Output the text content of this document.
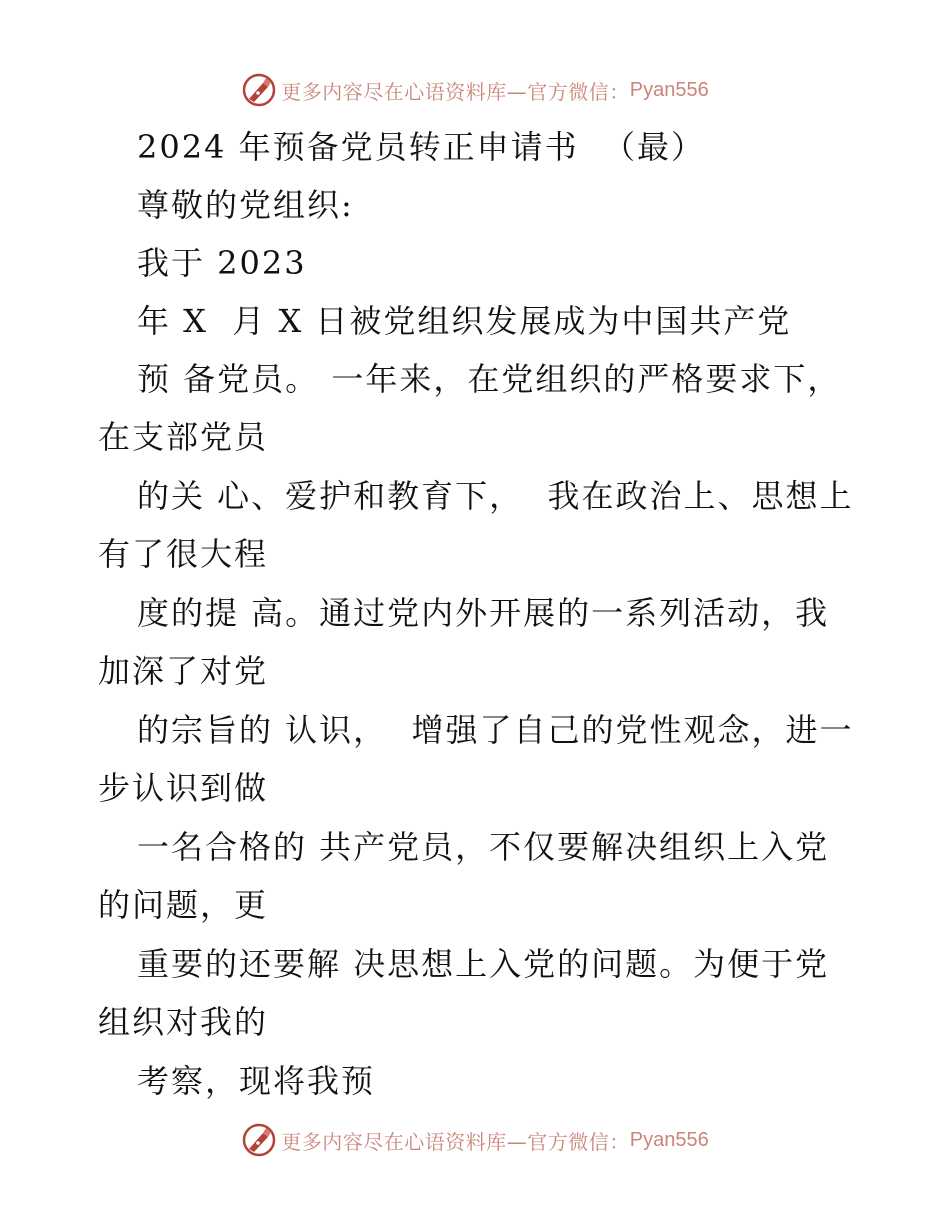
更多内容尽在心语资料库—官方微信： Pyan556
2024 年预备党员转正申请书  （最）
尊敬的党组织:
我于 2023
年 X  月 X 日被党组织发展成为中国共产党
预 备党员。 一年来，在党组织的严格要求下，
在支部党员
的关 心、爱护和教育下，  我在政治上、思想上
有了很大程
度的提 高。通过党内外开展的一系列活动，我
加深了对党
的宗旨的 认识，  增强了自己的党性观念，进一
步认识到做
一名合格的 共产党员，不仅要解决组织上入党
的问题，更
重要的还要解 决思想上入党的问题。为便于党
组织对我的
考察，现将我预
更多内容尽在心语资料库—官方微信： Pyan556
